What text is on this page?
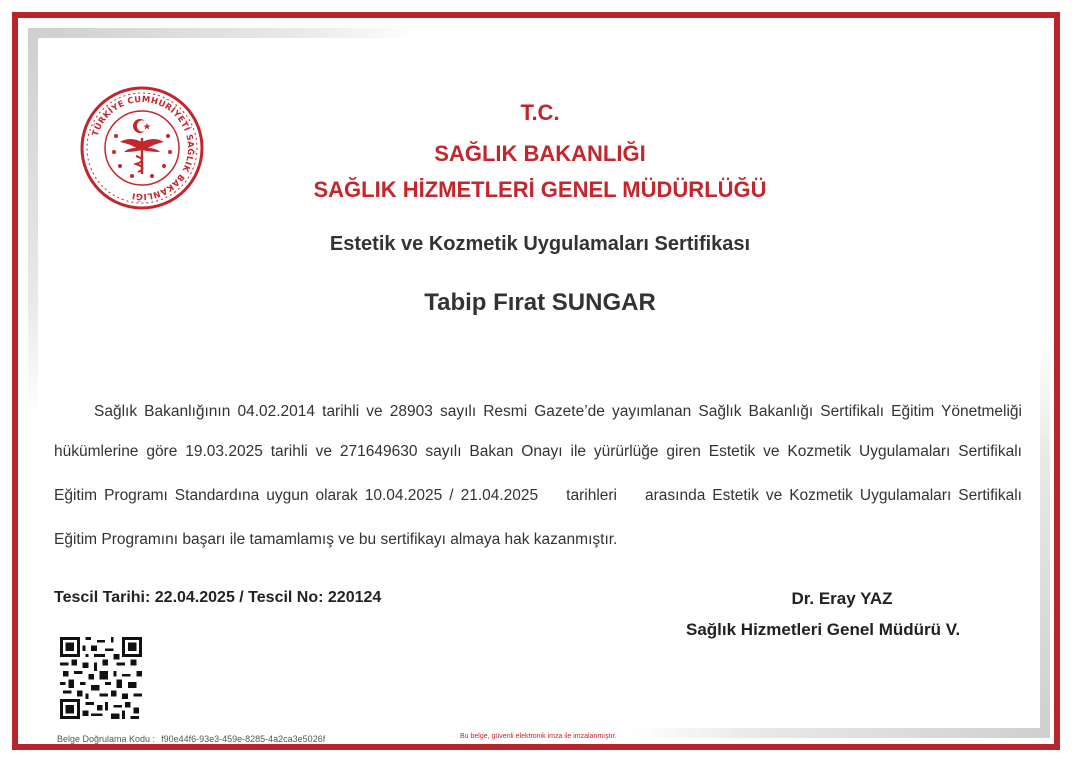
TÜRKİYE CUMHURİYETİ SAĞLIK BAKANLIĞI
T.C.
SAĞLIK BAKANLIĞI
SAĞLIK HİZMETLERİ GENEL MÜDÜRLÜĞÜ
Estetik ve Kozmetik Uygulamaları Sertifikası
Tabip Fırat SUNGAR
Sağlık Bakanlığının 04.02.2014 tarihli ve 28903 sayılı Resmi Gazete’de yayımlanan Sağlık Bakanlığı Sertifikalı Eğitim Yönetmeliği
hükümlerine göre 19.03.2025 tarihli ve 271649630 sayılı Bakan Onayı ile yürürlüğe giren Estetik ve Kozmetik Uygulamaları Sertifikalı
Eğitim Programı Standardına uygun olarak 10.04.2025 / 21.04.2025    tarihleri    arasında Estetik ve Kozmetik Uygulamaları Sertifikalı
Eğitim Programını başarı ile tamamlamış ve bu sertifikayı almaya hak kazanmıştır.
Tescil Tarihi: 22.04.2025 / Tescil No: 220124	Dr. Eray YAZ
Sağlık Hizmetleri Genel Müdürü V.
Belge Doğrulama Kodu : f90e44f6-93e3-459e-8285-4a2ca3e5026f	Bu belge, güvenli elektronik imza ile imzalanmıştır.
